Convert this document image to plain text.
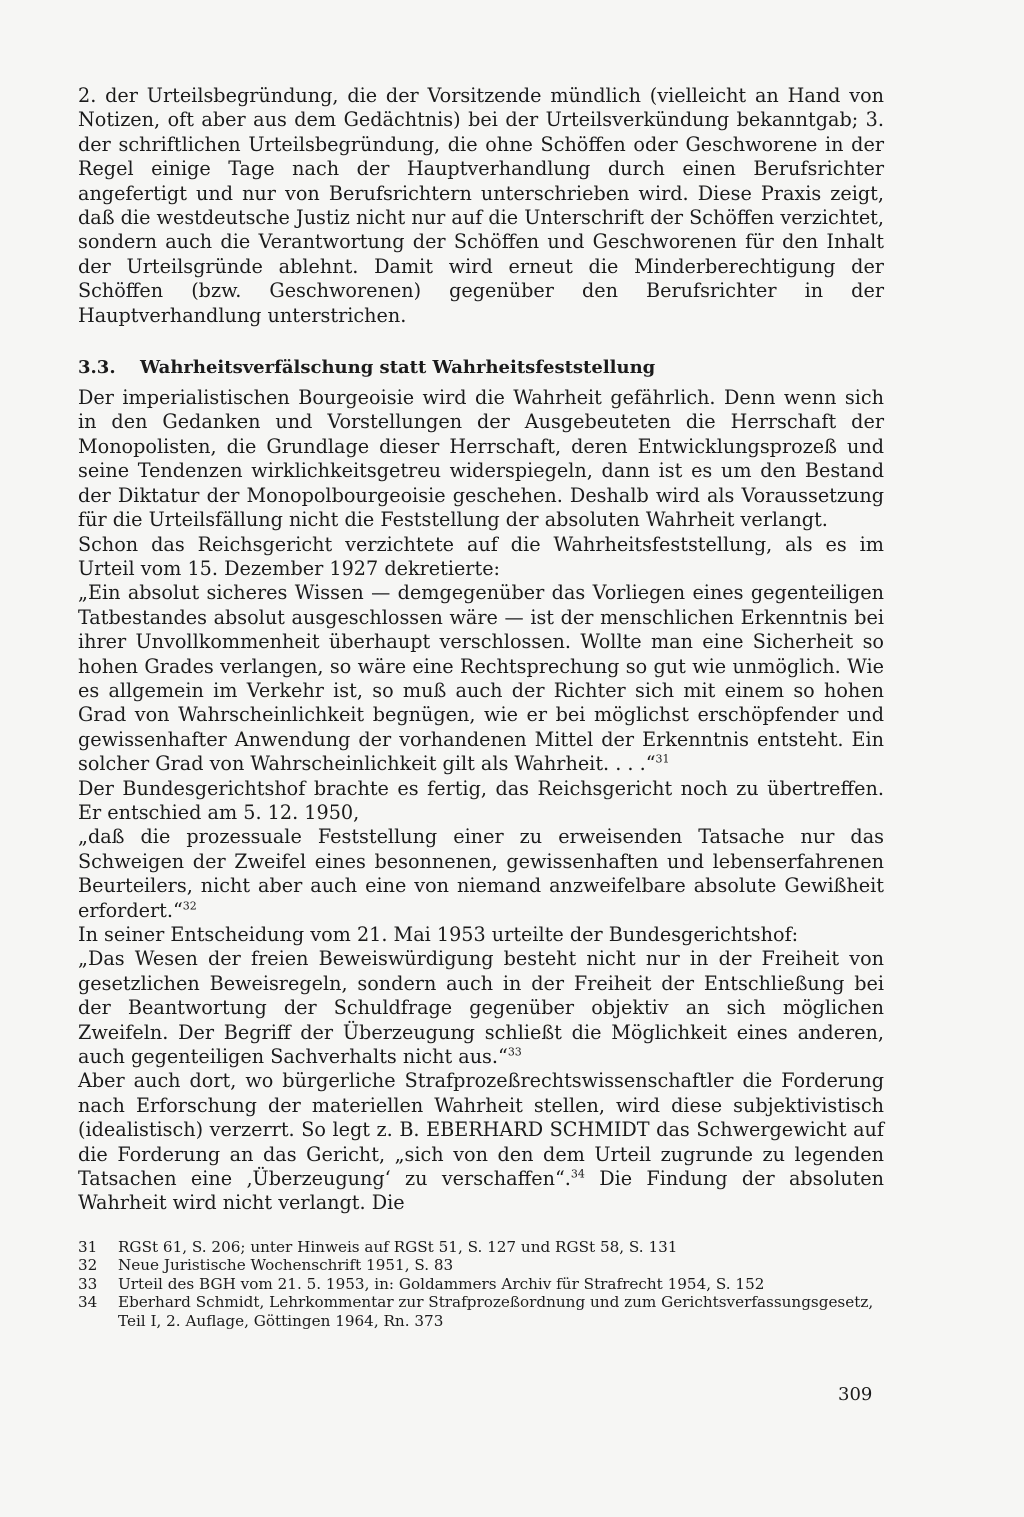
2. der Urteilsbegründung, die der Vorsitzende mündlich (vielleicht an Hand von Notizen, oft aber aus dem Gedächtnis) bei der Urteilsverkündung bekanntgab; 3. der schriftlichen Urteilsbegründung, die ohne Schöffen oder Geschworene in der Regel einige Tage nach der Hauptverhandlung durch einen Berufsrichter angefertigt und nur von Berufsrichtern unterschrieben wird. Diese Praxis zeigt, daß die westdeutsche Justiz nicht nur auf die Unterschrift der Schöffen verzichtet, sondern auch die Verantwortung der Schöffen und Geschworenen für den Inhalt der Urteilsgründe ablehnt. Damit wird erneut die Minderberechtigung der Schöffen (bzw. Geschworenen) gegenüber den Berufsrichter in der Hauptverhandlung unterstrichen.

3.3. Wahrheitsverfälschung statt Wahrheitsfeststellung

Der imperialistischen Bourgeoisie wird die Wahrheit gefährlich. Denn wenn sich in den Gedanken und Vorstellungen der Ausgebeuteten die Herrschaft der Monopolisten, die Grundlage dieser Herrschaft, deren Entwicklungsprozeß und seine Tendenzen wirklichkeitsgetreu widerspiegeln, dann ist es um den Bestand der Diktatur der Monopolbourgeoisie geschehen. Deshalb wird als Voraussetzung für die Urteilsfällung nicht die Feststellung der absoluten Wahrheit verlangt.

Schon das Reichsgericht verzichtete auf die Wahrheitsfeststellung, als es im Urteil vom 15. Dezember 1927 dekretierte:

„Ein absolut sicheres Wissen — demgegenüber das Vorliegen eines gegenteiligen Tatbestandes absolut ausgeschlossen wäre — ist der menschlichen Erkenntnis bei ihrer Unvollkommenheit überhaupt verschlossen. Wollte man eine Sicherheit so hohen Grades verlangen, so wäre eine Rechtsprechung so gut wie unmöglich. Wie es allgemein im Verkehr ist, so muß auch der Richter sich mit einem so hohen Grad von Wahrscheinlichkeit begnügen, wie er bei möglichst erschöpfender und gewissenhafter Anwendung der vorhandenen Mittel der Erkenntnis entsteht. Ein solcher Grad von Wahrscheinlichkeit gilt als Wahrheit. . . .“$^{31}$

Der Bundesgerichtshof brachte es fertig, das Reichsgericht noch zu übertreffen. Er entschied am 5. 12. 1950,

„daß die prozessuale Feststellung einer zu erweisenden Tatsache nur das Schweigen der Zweifel eines besonnenen, gewissenhaften und lebenserfahrenen Beurteilers, nicht aber auch eine von niemand anzweifelbare absolute Gewißheit erfordert.“$^{32}$

In seiner Entscheidung vom 21. Mai 1953 urteilte der Bundesgerichtshof:

„Das Wesen der freien Beweiswürdigung besteht nicht nur in der Freiheit von gesetzlichen Beweisregeln, sondern auch in der Freiheit der Entschließung bei der Beantwortung der Schuldfrage gegenüber objektiv an sich möglichen Zweifeln. Der Begriff der Überzeugung schließt die Möglichkeit eines anderen, auch gegenteiligen Sachverhalts nicht aus.“$^{33}$

Aber auch dort, wo bürgerliche Strafprozeßrechtswissenschaftler die Forderung nach Erforschung der materiellen Wahrheit stellen, wird diese subjektivistisch (idealistisch) verzerrt. So legt z. B. EBERHARD SCHMIDT das Schwergewicht auf die Forderung an das Gericht, „sich von den dem Urteil zugrunde zu legenden Tatsachen eine ‚Überzeugung‘ zu verschaffen“.$^{34}$ Die Findung der absoluten Wahrheit wird nicht verlangt. Die

31	RGSt 61, S. 206; unter Hinweis auf RGSt 51, S. 127 und RGSt 58, S. 131
32	Neue Juristische Wochenschrift 1951, S. 83
33	Urteil des BGH vom 21. 5. 1953, in: Goldammers Archiv für Strafrecht 1954, S. 152
34	Eberhard Schmidt, Lehrkommentar zur Strafprozeßordnung und zum Gerichtsverfassungsgesetz, Teil I, 2. Auflage, Göttingen 1964, Rn. 373
309
